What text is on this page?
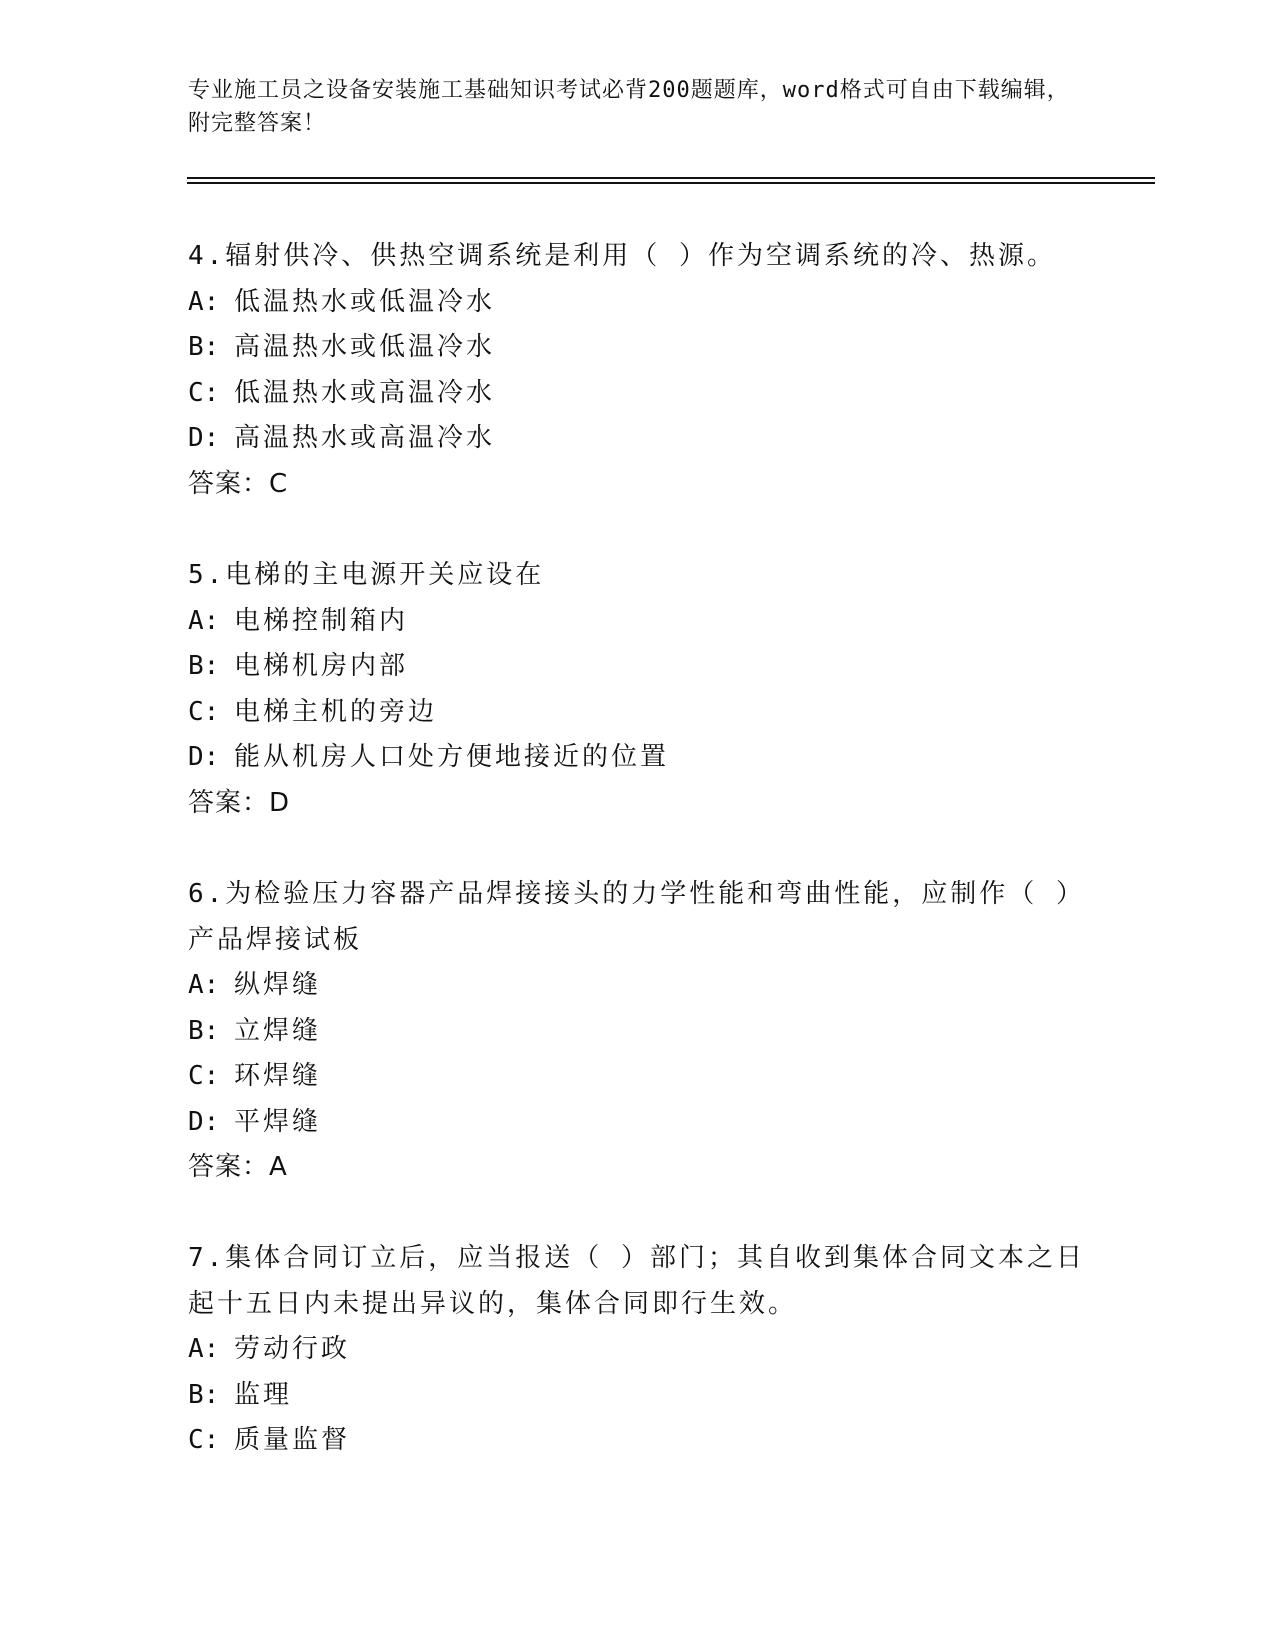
专业施工员之设备安装施工基础知识考试必背200题题库，word格式可自由下载编辑，附完整答案！

4.辐射供冷、供热空调系统是利用（ ）作为空调系统的冷、热源。

A: 低温热水或低温冷水

B: 高温热水或低温冷水

C: 低温热水或高温冷水

D: 高温热水或高温冷水

答案：C

5.电梯的主电源开关应设在

A: 电梯控制箱内

B: 电梯机房内部

C: 电梯主机的旁边

D: 能从机房人口处方便地接近的位置

答案：D

6.为检验压力容器产品焊接接头的力学性能和弯曲性能，应制作（ ）产品焊接试板

A: 纵焊缝

B: 立焊缝

C: 环焊缝

D: 平焊缝

答案：A

7.集体合同订立后，应当报送（ ）部门；其自收到集体合同文本之日起十五日内未提出异议的，集体合同即行生效。

A: 劳动行政

B: 监理

C: 质量监督
